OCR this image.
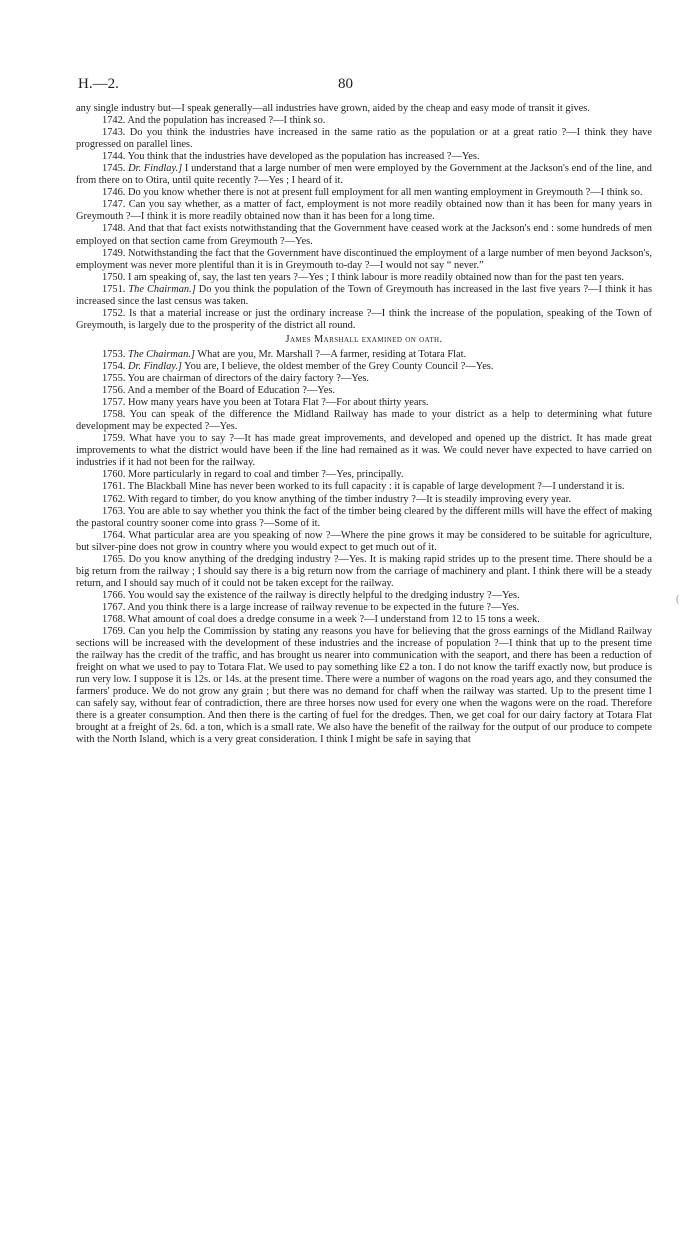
H.—2.	80

any single industry but—I speak generally—all industries have grown, aided by the cheap and easy mode of transit it gives.

1742. And the population has increased ?—I think so.

1743. Do you think the industries have increased in the same ratio as the population or at a great ratio ?—I think they have progressed on parallel lines.

1744. You think that the industries have developed as the population has increased ?—Yes.

1745. Dr. Findlay.] I understand that a large number of men were employed by the Government at the Jackson's end of the line, and from there on to Otira, until quite recently ?—Yes ; I heard of it.

1746. Do you know whether there is not at present full employment for all men wanting employment in Greymouth ?—I think so.

1747. Can you say whether, as a matter of fact, employment is not more readily obtained now than it has been for many years in Greymouth ?—I think it is more readily obtained now than it has been for a long time.

1748. And that that fact exists notwithstanding that the Government have ceased work at the Jackson's end : some hundreds of men employed on that section came from Greymouth ?—Yes.

1749. Notwithstanding the fact that the Government have discontinued the employment of a large number of men beyond Jackson's, employment was never more plentiful than it is in Greymouth to-day ?—I would not say “ never.”

1750. I am speaking of, say, the last ten years ?—Yes ; I think labour is more readily obtained now than for the past ten years.

1751. The Chairman.] Do you think the population of the Town of Greymouth has increased in the last five years ?—I think it has increased since the last census was taken.

1752. Is that a material increase or just the ordinary increase ?—I think the increase of the population, speaking of the Town of Greymouth, is largely due to the prosperity of the district all round.

James Marshall examined on oath.

1753. The Chairman.] What are you, Mr. Marshall ?—A farmer, residing at Totara Flat.

1754. Dr. Findlay.] You are, I believe, the oldest member of the Grey County Council ?—Yes.

1755. You are chairman of directors of the dairy factory ?—Yes.

1756. And a member of the Board of Education ?—Yes.

1757. How many years have you been at Totara Flat ?—For about thirty years.

1758. You can speak of the difference the Midland Railway has made to your district as a help to determining what future development may be expected ?—Yes.

1759. What have you to say ?—It has made great improvements, and developed and opened up the district. It has made great improvements to what the district would have been if the line had remained as it was. We could never have expected to have carried on industries if it had not been for the railway.

1760. More particularly in regard to coal and timber ?—Yes, principally.

1761. The Blackball Mine has never been worked to its full capacity : it is capable of large development ?—I understand it is.

1762. With regard to timber, do you know anything of the timber industry ?—It is steadily improving every year.

1763. You are able to say whether you think the fact of the timber being cleared by the different mills will have the effect of making the pastoral country sooner come into grass ?—Some of it.

1764. What particular area are you speaking of now ?—Where the pine grows it may be considered to be suitable for agriculture, but silver-pine does not grow in country where you would expect to get much out of it.

1765. Do you know anything of the dredging industry ?—Yes. It is making rapid strides up to the present time. There should be a big return from the railway ; I should say there is a big return now from the carriage of machinery and plant. I think there will be a steady return, and I should say much of it could not be taken except for the railway.

1766. You would say the existence of the railway is directly helpful to the dredging industry ?—Yes.

1767. And you think there is a large increase of railway revenue to be expected in the future ?—Yes.

1768. What amount of coal does a dredge consume in a week ?—I understand from 12 to 15 tons a week.

1769. Can you help the Commission by stating any reasons you have for believing that the gross earnings of the Midland Railway sections will be increased with the development of these industries and the increase of population ?—I think that up to the present time the railway has the credit of the traffic, and has brought us nearer into communication with the seaport, and there has been a reduction of freight on what we used to pay to Totara Flat. We used to pay something like £2 a ton. I do not know the tariff exactly now, but produce is run very low. I suppose it is 12s. or 14s. at the present time. There were a number of wagons on the road years ago, and they consumed the farmers' produce. We do not grow any grain ; but there was no demand for chaff when the railway was started. Up to the present time I can safely say, without fear of contradiction, there are three horses now used for every one when the wagons were on the road. Therefore there is a greater consumption. And then there is the carting of fuel for the dredges. Then, we get coal for our dairy factory at Totara Flat brought at a freight of 2s. 6d. a ton, which is a small rate. We also have the benefit of the railway for the output of our produce to compete with the North Island, which is a very great consideration. I think I might be safe in saying that

(
